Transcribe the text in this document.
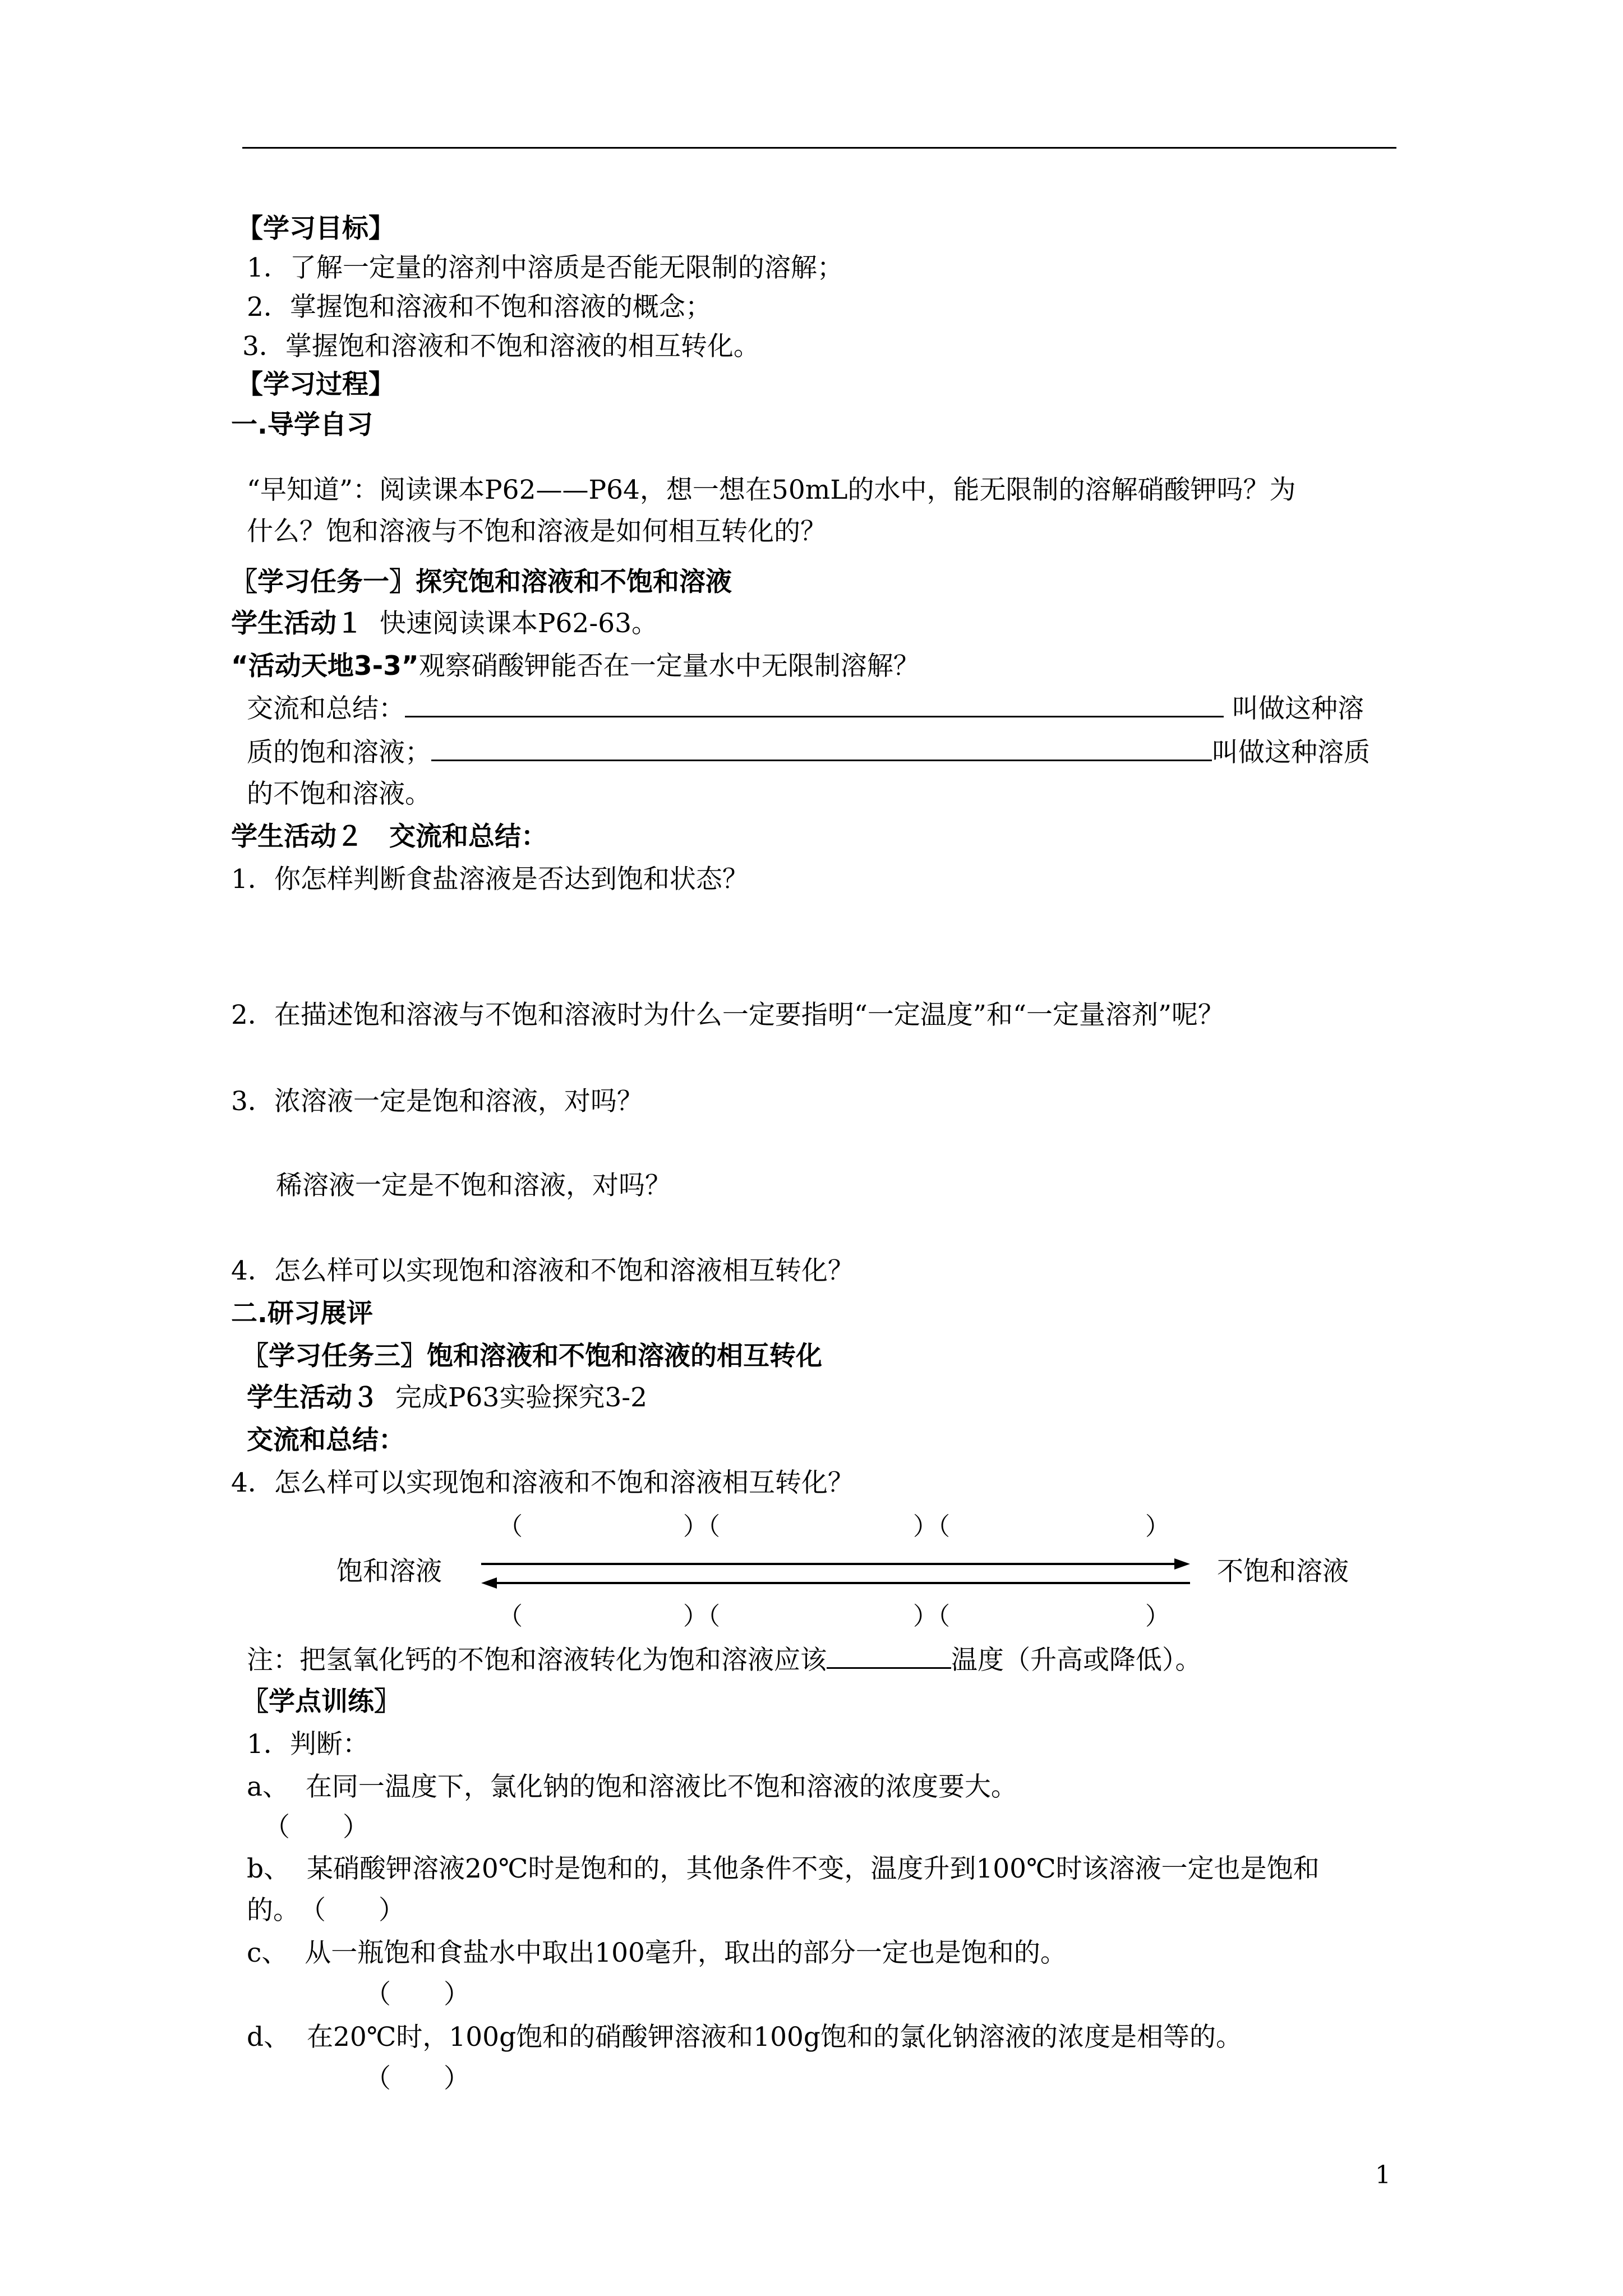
【学习目标】
1．了解一定量的溶剂中溶质是否能无限制的溶解；
2．掌握饱和溶液和不饱和溶液的概念；
3．掌握饱和溶液和不饱和溶液的相互转化。
【学习过程】
一.导学自习
“早知道”：阅读课本P62——P64，想一想在50mL的水中，能无限制的溶解硝酸钾吗？为
什么？饱和溶液与不饱和溶液是如何相互转化的？
〖学习任务一〗探究饱和溶液和不饱和溶液
学生活动１ 快速阅读课本P62-63。
“活动天地3-3”观察硝酸钾能否在一定量水中无限制溶解？
交流和总结：	叫做这种溶
质的饱和溶液；	叫做这种溶质
的不饱和溶液。
学生活动２　交流和总结：
1．你怎样判断食盐溶液是否达到饱和状态？
2．在描述饱和溶液与不饱和溶液时为什么一定要指明“一定温度”和“一定量溶剂”呢？
3．浓溶液一定是饱和溶液，对吗？
稀溶液一定是不饱和溶液，对吗？
4．怎么样可以实现饱和溶液和不饱和溶液相互转化？
二.研习展评
〖学习任务三〗饱和溶液和不饱和溶液的相互转化
学生活动３ 完成P63实验探究3-2
交流和总结：
4．怎么样可以实现饱和溶液和不饱和溶液相互转化？
（	）（	）（	）
饱和溶液	不饱和溶液
（	）（	）（	）
注：把氢氧化钙的不饱和溶液转化为饱和溶液应该	温度（升高或降低）。
〖学点训练〗
1．判断：
a、 在同一温度下，氯化钠的饱和溶液比不饱和溶液的浓度要大。
（　　）
b、 某硝酸钾溶液20℃时是饱和的，其他条件不变，温度升到100℃时该溶液一定也是饱和
的。　（　　）
c、 从一瓶饱和食盐水中取出100毫升，取出的部分一定也是饱和的。
（　　）
d、 在20℃时，100g饱和的硝酸钾溶液和100g饱和的氯化钠溶液的浓度是相等的。
（　　）
1
